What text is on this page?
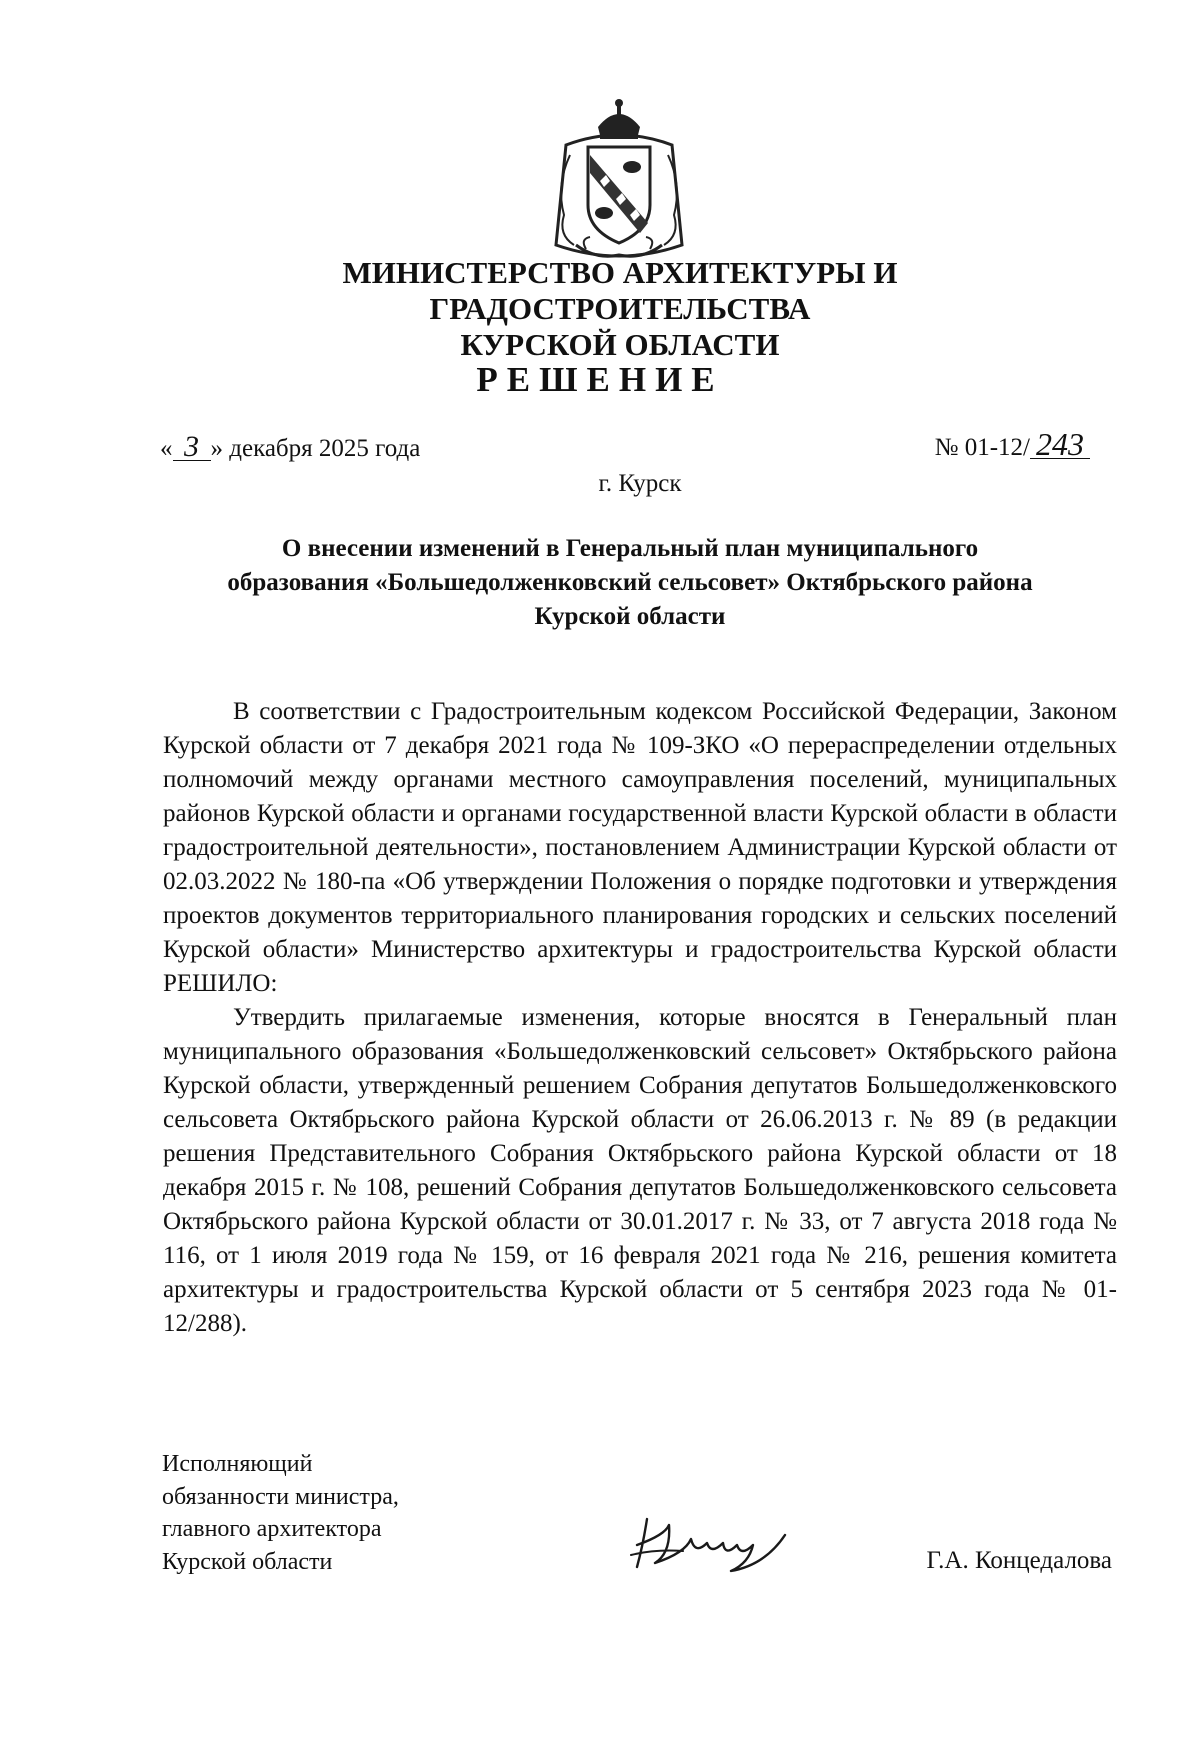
МИНИСТЕРСТВО АРХИТЕКТУРЫ И ГРАДОСТРОИТЕЛЬСТВА
КУРСКОЙ ОБЛАСТИ
РЕШЕНИЕ
« 3 » декабря 2025 года	№ 01-12/ 243
г. Курск
О внесении изменений в Генеральный план муниципального
образования «Большедолженковский сельсовет» Октябрьского района
Курской области

В соответствии с Градостроительным кодексом Российской Федерации, Законом Курской области от 7 декабря 2021 года № 109-ЗКО «О перераспределении отдельных полномочий между органами местного самоуправления поселений, муниципальных районов Курской области и органами государственной власти Курской области в области градостроительной деятельности», постановлением Администрации Курской области от 02.03.2022 № 180-па «Об утверждении Положения о порядке подготовки и утверждения проектов документов территориального планирования городских и сельских поселений Курской области» Министерство архитектуры и градостроительства Курской области РЕШИЛО:

Утвердить прилагаемые изменения, которые вносятся в Генеральный план муниципального образования «Большедолженковский сельсовет» Октябрьского района Курской области, утвержденный решением Собрания депутатов Большедолженковского сельсовета Октябрьского района Курской области от 26.06.2013 г. № 89 (в редакции решения Представительного Собрания Октябрьского района Курской области от 18 декабря 2015 г. № 108, решений Собрания депутатов Большедолженковского сельсовета Октябрьского района Курской области от 30.01.2017 г. № 33, от 7 августа 2018 года № 116, от 1 июля 2019 года № 159, от 16 февраля 2021 года № 216, решения комитета архитектуры и градостроительства Курской области от 5 сентября 2023 года № 01-12/288).

Исполняющий
обязанности министра,
главного архитектора
Курской области	Г.А. Концедалова
